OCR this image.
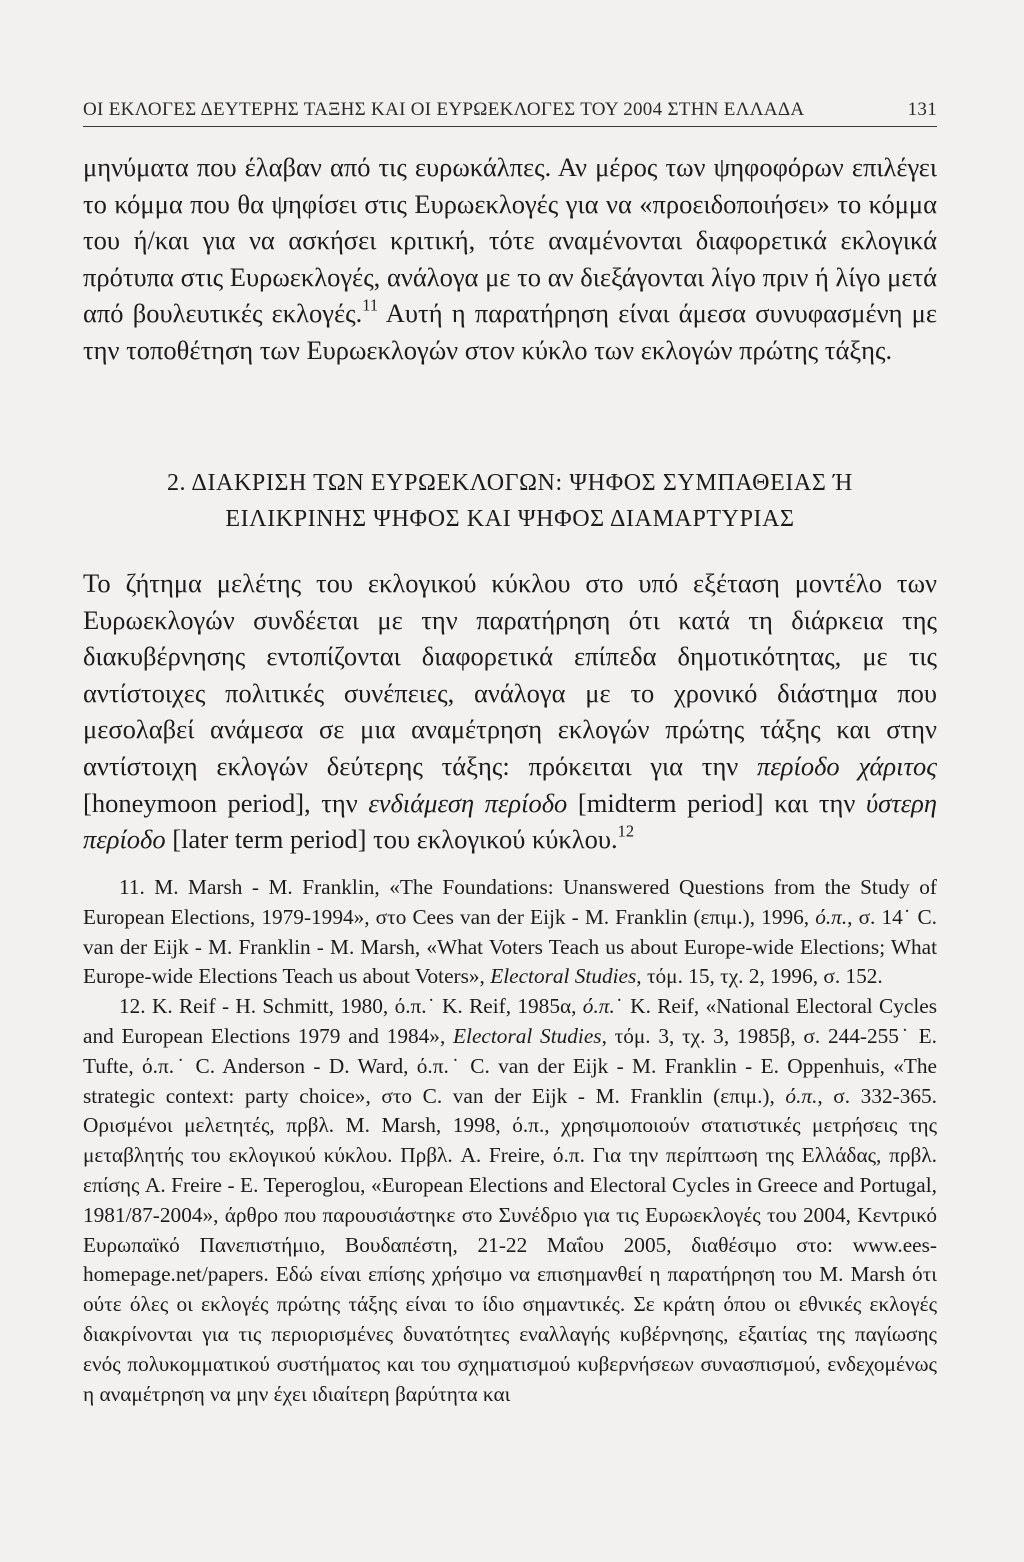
ΟΙ ΕΚΛΟΓΕΣ ΔΕΥΤΕΡΗΣ ΤΑΞΗΣ ΚΑΙ ΟΙ ΕΥΡΩΕΚΛΟΓΕΣ ΤΟΥ 2004 ΣΤΗΝ ΕΛΛΑΔΑ	131

μηνύματα που έλαβαν από τις ευρωκάλπες. Αν μέρος των ψηφοφόρων επιλέγει το κόμμα που θα ψηφίσει στις Ευρωεκλογές για να «προειδοποιήσει» το κόμμα του ή/και για να ασκήσει κριτική, τότε αναμένονται διαφορετικά εκλογικά πρότυπα στις Ευρωεκλογές, ανάλογα με το αν διεξάγονται λίγο πριν ή λίγο μετά από βουλευτικές εκλογές.$^{11}$ Αυτή η παρατήρηση είναι άμεσα συνυφασμένη με την τοποθέτηση των Ευρωεκλογών στον κύκλο των εκλογών πρώτης τάξης.

2. ΔΙΑΚΡΙΣΗ ΤΩΝ ΕΥΡΩΕΚΛΟΓΩΝ: ΨΗΦΟΣ ΣΥΜΠΑΘΕΙΑΣ Ή
ΕΙΛΙΚΡΙΝΗΣ ΨΗΦΟΣ ΚΑΙ ΨΗΦΟΣ ΔΙΑΜΑΡΤΥΡΙΑΣ

Το ζήτημα μελέτης του εκλογικού κύκλου στο υπό εξέταση μοντέλο των Ευρωεκλογών συνδέεται με την παρατήρηση ότι κατά τη διάρκεια της διακυβέρνησης εντοπίζονται διαφορετικά επίπεδα δημοτικότητας, με τις αντίστοιχες πολιτικές συνέπειες, ανάλογα με το χρονικό διάστημα που μεσολαβεί ανάμεσα σε μια αναμέτρηση εκλογών πρώτης τάξης και στην αντίστοιχη εκλογών δεύτερης τάξης: πρόκειται για την περίοδο χάριτος [honeymoon period], την ενδιάμεση περίοδο [midterm period] και την ύστερη περίοδο [later term period] του εκλογικού κύκλου.$^{12}$

11. M. Marsh - M. Franklin, «The Foundations: Unanswered Questions from the Study of European Elections, 1979-1994», στο Cees van der Eijk - M. Franklin (επιμ.), 1996, ό.π., σ. 14˙ C. van der Eijk - M. Franklin - M. Marsh, «What Voters Teach us about Europe-wide Elections; What Europe-wide Elections Teach us about Voters», Electoral Studies, τόμ. 15, τχ. 2, 1996, σ. 152.

12. K. Reif - H. Schmitt, 1980, ό.π.˙ K. Reif, 1985α, ό.π.˙ K. Reif, «National Electoral Cycles and European Elections 1979 and 1984», Electoral Studies, τόμ. 3, τχ. 3, 1985β, σ. 244-255˙ E. Tufte, ό.π.˙ C. Anderson - D. Ward, ό.π.˙ C. van der Eijk - M. Franklin - E. Oppenhuis, «The strategic context: party choice», στο C. van der Eijk - M. Franklin (επιμ.), ό.π., σ. 332-365. Ορισμένοι μελετητές, πρβλ. M. Marsh, 1998, ό.π., χρησιμοποιούν στατιστικές μετρήσεις της μεταβλητής του εκλογικού κύκλου. Πρβλ. A. Freire, ό.π. Για την περίπτωση της Ελλάδας, πρβλ. επίσης A. Freire - E. Teperoglou, «European Elections and Electoral Cycles in Greece and Portugal, 1981/87-2004», άρθρο που παρουσιάστηκε στο Συνέδριο για τις Ευρωεκλογές του 2004, Κεντρικό Ευρωπαϊκό Πανεπιστήμιο, Βουδαπέστη, 21-22 Μαΐου 2005, διαθέσιμο στο: www.ees-homepage.net/papers. Εδώ είναι επίσης χρήσιμο να επισημανθεί η παρατήρηση του M. Marsh ότι ούτε όλες οι εκλογές πρώτης τάξης είναι το ίδιο σημαντικές. Σε κράτη όπου οι εθνικές εκλογές διακρίνονται για τις περιορισμένες δυνατότητες εναλλαγής κυβέρνησης, εξαιτίας της παγίωσης ενός πολυκομματικού συστήματος και του σχηματισμού κυβερνήσεων συνασπισμού, ενδεχομένως η αναμέτρηση να μην έχει ιδιαίτερη βαρύτητα και
